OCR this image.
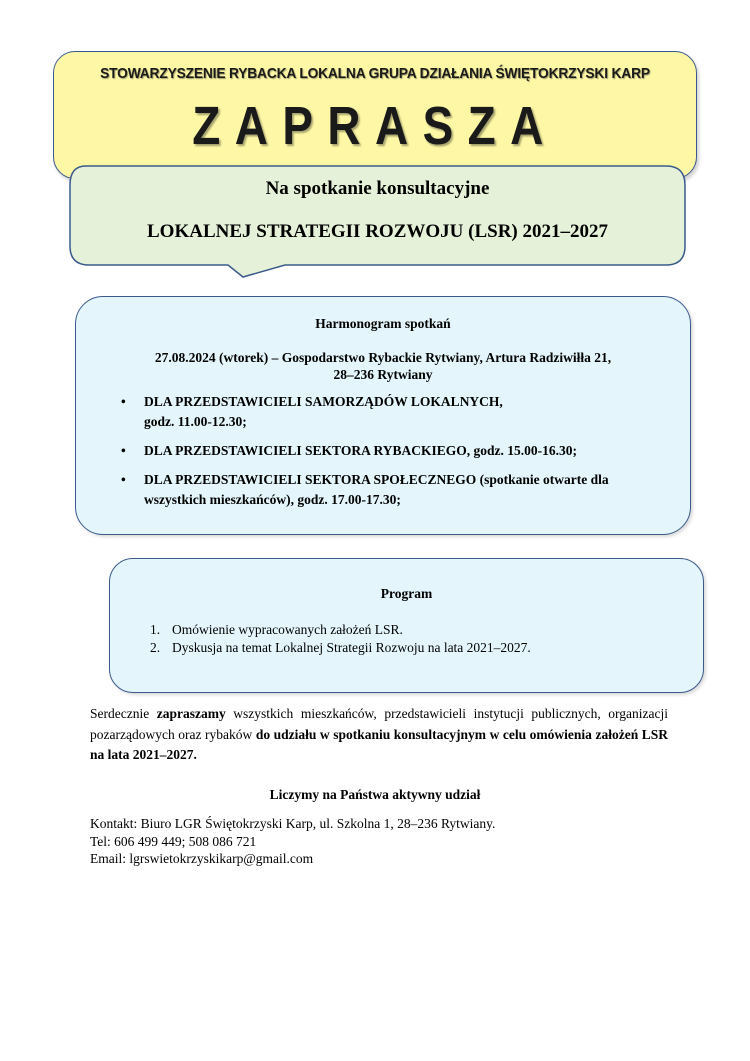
STOWARZYSZENIE RYBACKA LOKALNA GRUPA DZIAŁANIA ŚWIĘTOKRZYSKI KARP
ZAPRASZA
Na spotkanie konsultacyjne
LOKALNEJ STRATEGII ROZWOJU (LSR) 2021–2027
Harmonogram spotkań
27.08.2024 (wtorek) – Gospodarstwo Rybackie Rytwiany, Artura Radziwiłła 21,
28–236 Rytwiany
• DLA PRZEDSTAWICIELI SAMORZĄDÓW LOKALNYCH,
godz. 11.00-12.30;
• DLA PRZEDSTAWICIELI SEKTORA RYBACKIEGO, godz. 15.00-16.30;
• DLA PRZEDSTAWICIELI SEKTORA SPOŁECZNEGO (spotkanie otwarte dla
wszystkich mieszkańców), godz. 17.00-17.30;
Program
1. Omówienie wypracowanych założeń LSR.
2. Dyskusja na temat Lokalnej Strategii Rozwoju na lata 2021–2027.
Serdecznie zapraszamy wszystkich mieszkańców, przedstawicieli instytucji publicznych, organizacji pozarządowych oraz rybaków do udziału w spotkaniu konsultacyjnym w celu omówienia założeń LSR na lata 2021–2027.
Liczymy na Państwa aktywny udział
Kontakt: Biuro LGR Świętokrzyski Karp, ul. Szkolna 1, 28–236 Rytwiany.
Tel: 606 499 449; 508 086 721
Email: lgrswietokrzyskikarp@gmail.com
